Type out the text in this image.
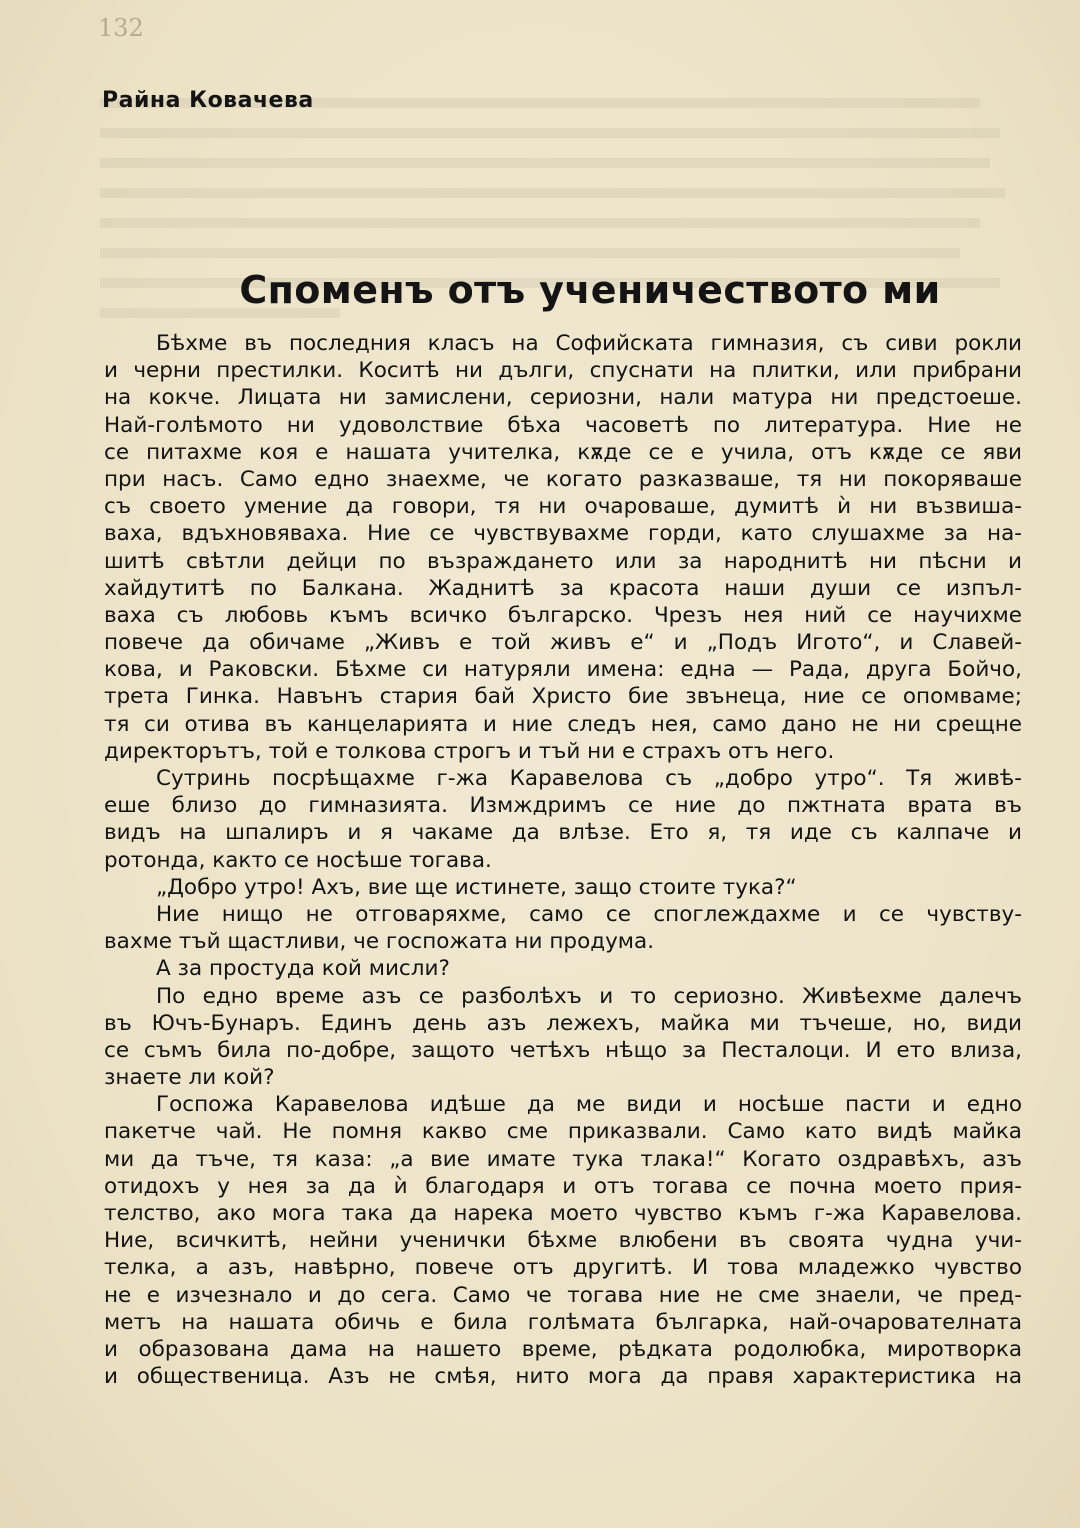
132
Райна Ковачева
Споменъ отъ ученичеството ми
Бѣхме въ последния класъ на Софийската гимназия, съ сиви рокли
и черни престилки. Коситѣ ни дълги, спуснати на плитки, или прибрани
на кокче. Лицата ни замислени, сериозни, нали матура ни предстоеше.
Най-голѣмото ни удоволствие бѣха часоветѣ по литература. Ние не
се питахме коя е нашата учителка, кѫде се е учила, отъ кѫде се яви
при насъ. Само едно знаехме, че когато разказваше, тя ни покоряваше
съ своето умение да говори, тя ни очароваше, думитѣ ѝ ни възвиша-
ваха, вдъхновяваха. Ние се чувствувахме горди, като слушахме за на-
шитѣ свѣтли дейци по възраждането или за народнитѣ ни пѣсни и
хайдутитѣ по Балкана. Жаднитѣ за красота наши души се изпъл-
ваха съ любовь къмъ всичко българско. Чрезъ нея ний се научихме
повече да обичаме „Живъ е той живъ е“ и „Подъ Игото“, и Славей-
кова, и Раковски. Бѣхме си натуряли имена: една — Рада, друга Бойчо,
трета Гинка. Навънъ стария бай Христо бие звънеца, ние се опомваме;
тя си отива въ канцеларията и ние следъ нея, само дано не ни срещне
директорътъ, той е толкова строгъ и тъй ни е страхъ отъ него.
Сутринь посрѣщахме г-жа Каравелова съ „добро утро“. Тя живѣ-
еше близо до гимназията. Измждримъ се ние до пжтната врата въ
видъ на шпалиръ и я чакаме да влѣзе. Ето я, тя иде съ калпаче и
ротонда, както се носѣше тогава.
„Добро утро! Ахъ, вие ще истинете, защо стоите тука?“
Ние нищо не отговаряхме, само се споглеждахме и се чувству-
вахме тъй щастливи, че госпожата ни продума.
А за простуда кой мисли?
По едно време азъ се разболѣхъ и то сериозно. Живѣехме далечъ
въ Ючъ-Бунаръ. Единъ день азъ лежехъ, майка ми тъчеше, но, види
се съмъ била по-добре, защото четѣхъ нѣщо за Песталоци. И ето влиза,
знаете ли кой?
Госпожа Каравелова идѣше да ме види и носѣше пасти и едно
пакетче чай. Не помня какво сме приказвали. Само като видѣ майка
ми да тъче, тя каза: „а вие имате тука тлака!“ Когато оздравѣхъ, азъ
отидохъ у нея за да ѝ благодаря и отъ тогава се почна моето прия-
телство, ако мога така да нарека моето чувство къмъ г-жа Каравелова.
Ние, всичкитѣ, нейни ученички бѣхме влюбени въ своята чудна учи-
телка, а азъ, навѣрно, повече отъ другитѣ. И това младежко чувство
не е изчезнало и до сега. Само че тогава ние не сме знаели, че пред-
метъ на нашата обичь е била голѣмата българка, най-очарователната
и образована дама на нашето време, рѣдката родолюбка, миротворка
и общественица. Азъ не смѣя, нито мога да правя характеристика на
